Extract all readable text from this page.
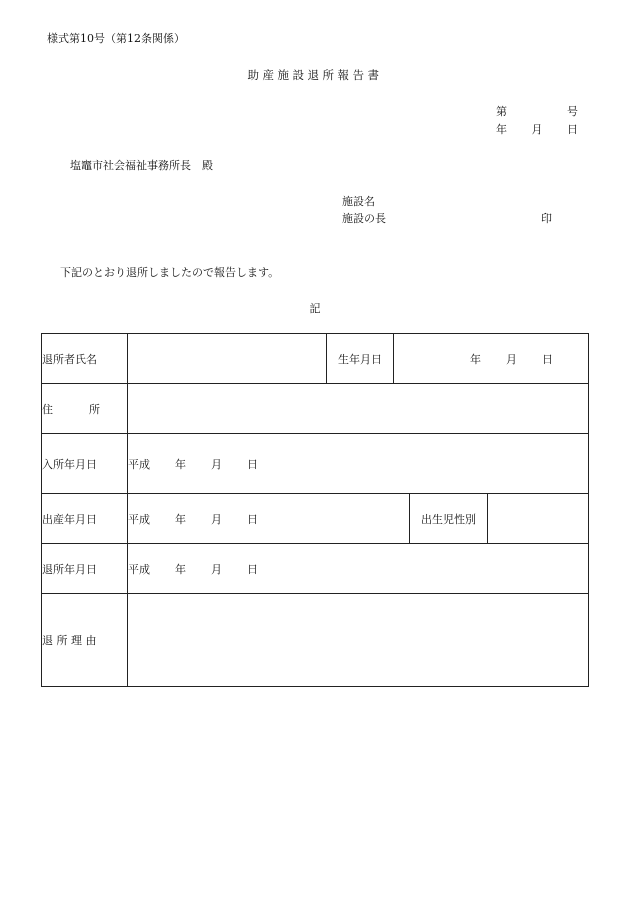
様式第10号（第12条関係）
助産施設退所報告書
第	号
年 月 日
塩竈市社会福祉事務所長　殿
施設名
施設の長	印
下記のとおり退所しましたので報告します。
記
退所者氏名		生年月日	年 月 日		

住 所					

入所年月日	平成 年 月 日				
出産年月日	平成 年 月 日			出生児性別	
退所年月日	平成 年 月 日				
退 所 理 由					
